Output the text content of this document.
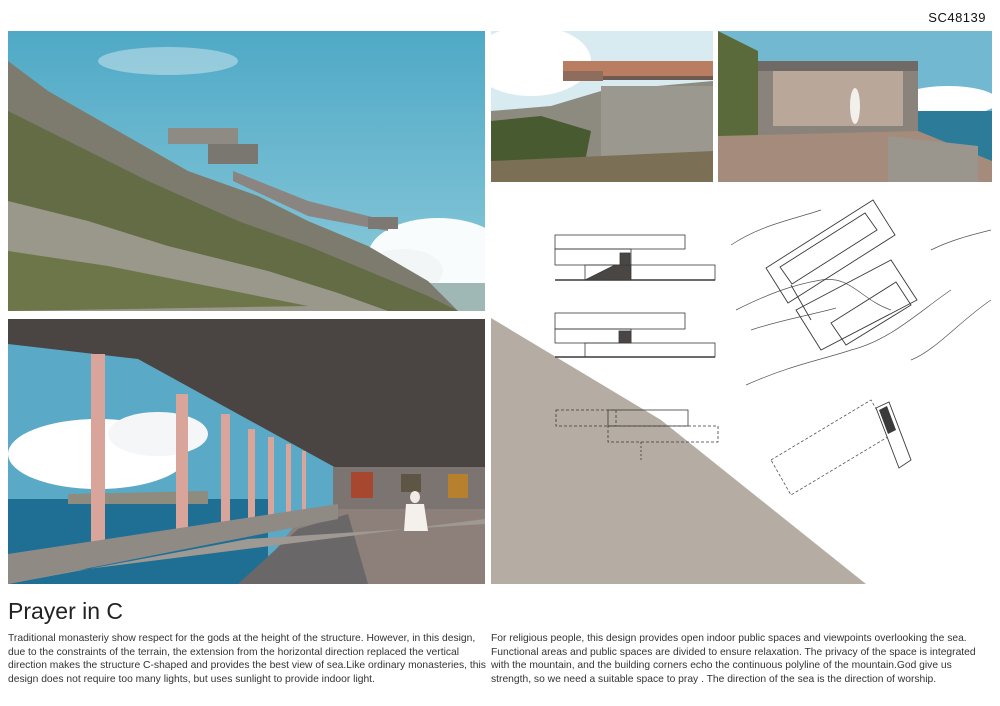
SC48139
Prayer in C
Traditional monasteriy show respect for the gods at the height of the structure. However, in this design, due to the constraints of the terrain, the extension from the horizontal direction replaced the vertical direction makes the structure C-shaped and provides the best view of sea.Like ordinary monasteries, this design does not require too many lights, but uses sunlight to provide indoor light.
For religious people, this design provides open indoor public spaces and viewpoints overlooking the sea. Functional areas and public spaces are divided to ensure relaxation. The privacy of the space is integrated with the mountain, and the building corners echo the continuous polyline of the mountain.God give us strength, so we need a suitable space to pray . The direction of the sea is the direction of worship.
